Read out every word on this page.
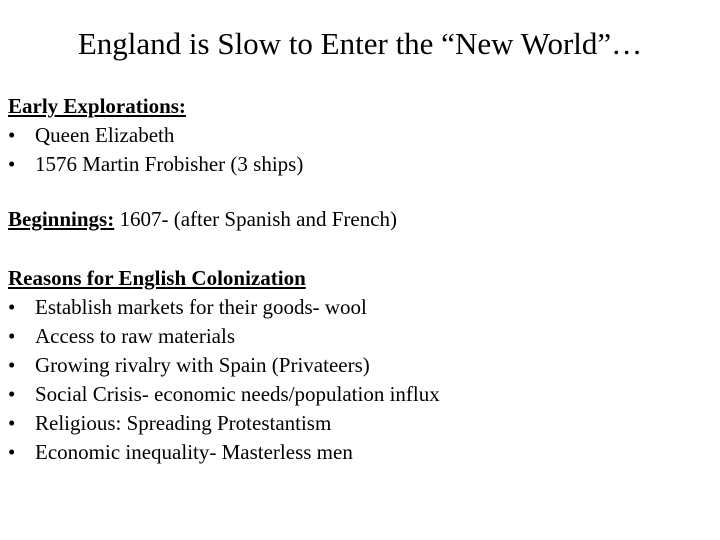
England is Slow to Enter the “New World”…
Early Explorations:
• Queen Elizabeth
• 1576 Martin Frobisher (3 ships)
Beginnings: 1607- (after Spanish and French)
Reasons for English Colonization
• Establish markets for their goods- wool
• Access to raw materials
• Growing rivalry with Spain (Privateers)
• Social Crisis- economic needs/population influx
• Religious: Spreading Protestantism
• Economic inequality- Masterless men
